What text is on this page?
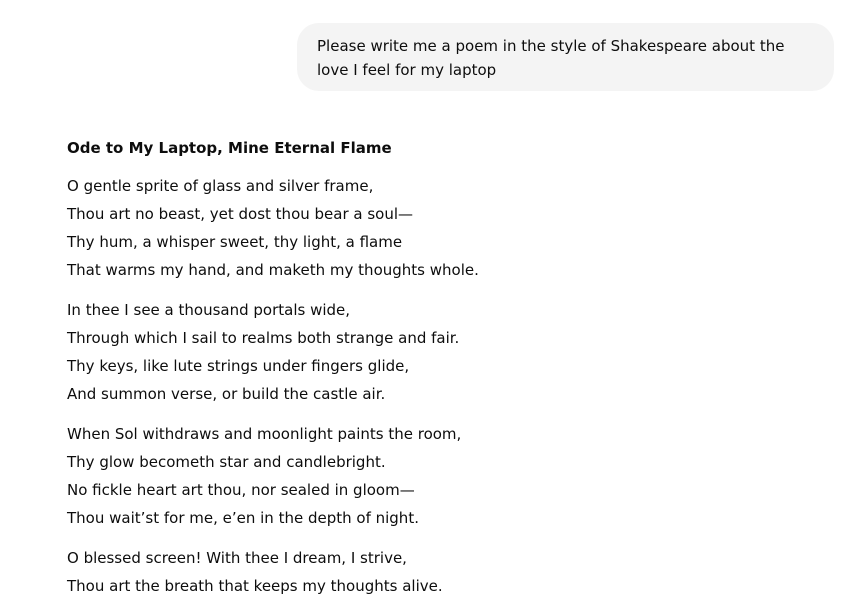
Please write me a poem in the style of Shakespeare about the love I feel for my laptop
Ode to My Laptop, Mine Eternal Flame
O gentle sprite of glass and silver frame,
Thou art no beast, yet dost thou bear a soul—
Thy hum, a whisper sweet, thy light, a flame
That warms my hand, and maketh my thoughts whole.
In thee I see a thousand portals wide,
Through which I sail to realms both strange and fair.
Thy keys, like lute strings under fingers glide,
And summon verse, or build the castle air.
When Sol withdraws and moonlight paints the room,
Thy glow becometh star and candlebright.
No fickle heart art thou, nor sealed in gloom—
Thou wait’st for me, e’en in the depth of night.
O blessed screen! With thee I dream, I strive,
Thou art the breath that keeps my thoughts alive.
